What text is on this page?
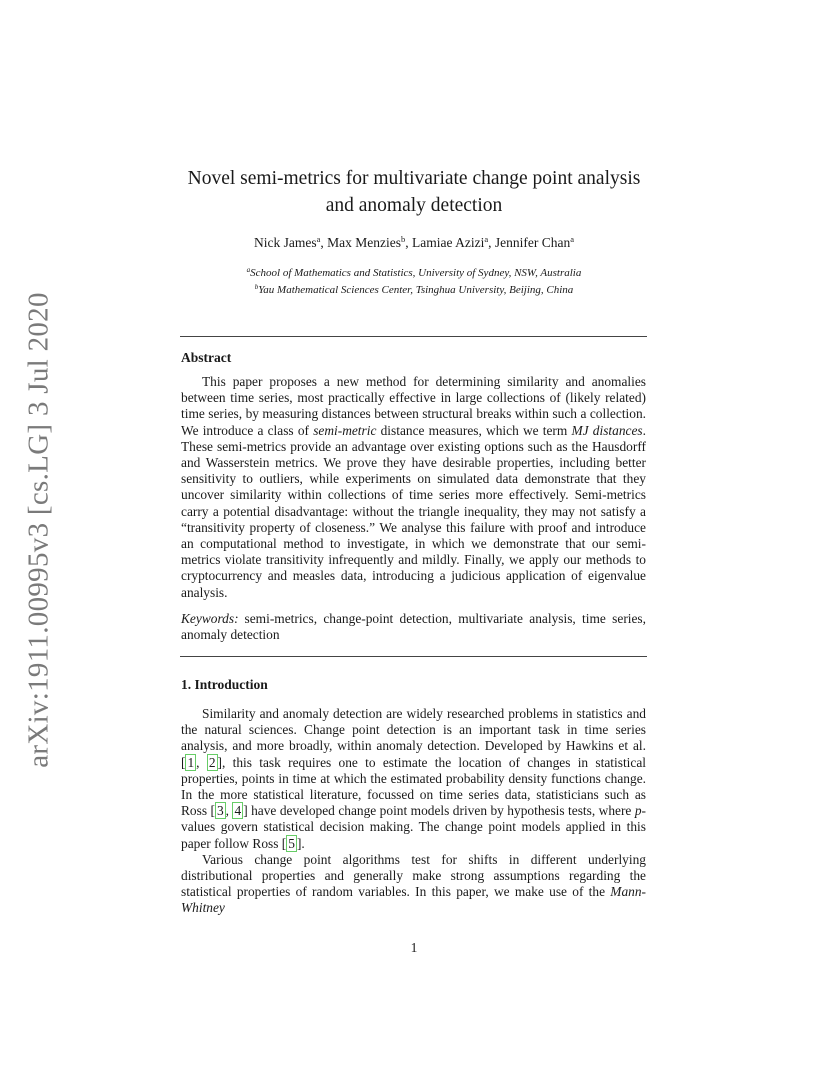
arXiv:1911.00995v3 [cs.LG] 3 Jul 2020
Novel semi-metrics for multivariate change point analysis
and anomaly detection
Nick James$^a$, Max Menzies$^b$, Lamiae Azizi$^a$, Jennifer Chan$^a$
$^a$School of Mathematics and Statistics, University of Sydney, NSW, Australia
$^b$Yau Mathematical Sciences Center, Tsinghua University, Beijing, China
Abstract

This paper proposes a new method for determining similarity and anomalies between time series, most practically effective in large collections of (likely related) time series, by measuring distances between structural breaks within such a collection. We introduce a class of semi-metric distance measures, which we term MJ distances. These semi-metrics provide an advantage over existing options such as the Hausdorff and Wasserstein metrics. We prove they have desirable properties, including better sensitivity to outliers, while experiments on simulated data demonstrate that they uncover similarity within collections of time series more effectively. Semi-metrics carry a potential disadvantage: without the triangle inequality, they may not satisfy a “transitivity property of closeness.” We analyse this failure with proof and introduce an computational method to investigate, in which we demonstrate that our semi-metrics violate transitivity infrequently and mildly. Finally, we apply our methods to cryptocurrency and measles data, introducing a judicious application of eigenvalue analysis.

Keywords: semi-metrics, change-point detection, multivariate analysis, time series, anomaly detection

1. Introduction

Similarity and anomaly detection are widely researched problems in statistics and the natural sciences. Change point detection is an important task in time series analysis, and more broadly, within anomaly detection. Developed by Hawkins et al. [ 1 , 2 ], this task requires one to estimate the location of changes in statistical properties, points in time at which the estimated probability density functions change. In the more statistical literature, focussed on time series data, statisticians such as Ross [ 3 , 4 ] have developed change point models driven by hypothesis tests, where p-values govern statistical decision making. The change point models applied in this paper follow Ross [ 5 ].

Various change point algorithms test for shifts in different underlying distributional properties and generally make strong assumptions regarding the statistical properties of random variables. In this paper, we make use of the Mann-Whitney

1
